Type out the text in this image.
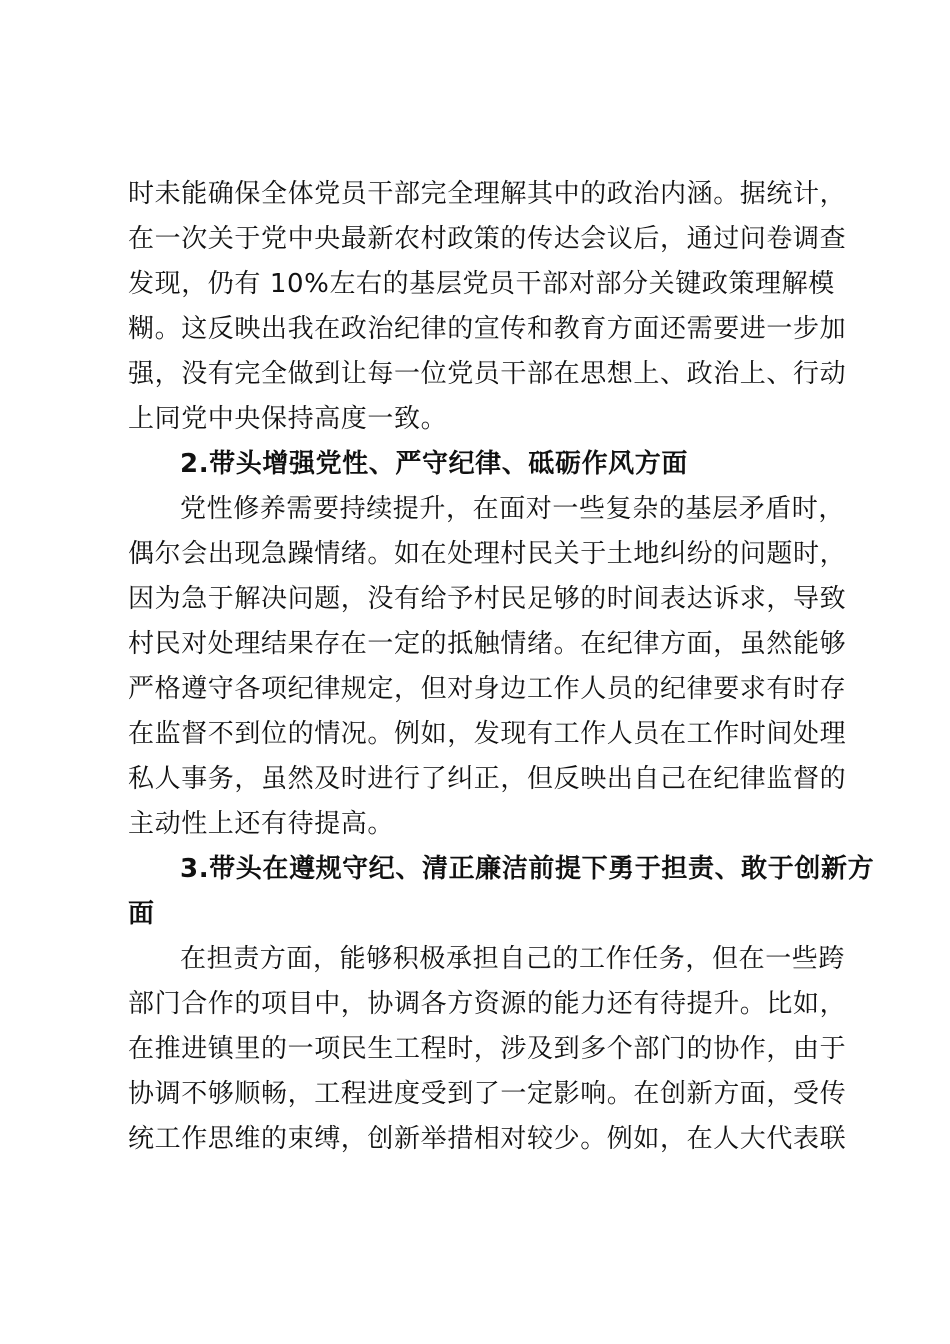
时未能确保全体党员干部完全理解其中的政治内涵。据统计，
在一次关于党中央最新农村政策的传达会议后，通过问卷调查
发现，仍有 10%左右的基层党员干部对部分关键政策理解模
糊。这反映出我在政治纪律的宣传和教育方面还需要进一步加
强，没有完全做到让每一位党员干部在思想上、政治上、行动
上同党中央保持高度一致。
2.带头增强党性、严守纪律、砥砺作风方面
党性修养需要持续提升，在面对一些复杂的基层矛盾时，
偶尔会出现急躁情绪。如在处理村民关于土地纠纷的问题时，
因为急于解决问题，没有给予村民足够的时间表达诉求，导致
村民对处理结果存在一定的抵触情绪。在纪律方面，虽然能够
严格遵守各项纪律规定，但对身边工作人员的纪律要求有时存
在监督不到位的情况。例如，发现有工作人员在工作时间处理
私人事务，虽然及时进行了纠正，但反映出自己在纪律监督的
主动性上还有待提高。
3.带头在遵规守纪、清正廉洁前提下勇于担责、敢于创新方
面
在担责方面，能够积极承担自己的工作任务，但在一些跨
部门合作的项目中，协调各方资源的能力还有待提升。比如，
在推进镇里的一项民生工程时，涉及到多个部门的协作，由于
协调不够顺畅，工程进度受到了一定影响。在创新方面，受传
统工作思维的束缚，创新举措相对较少。例如，在人大代表联
